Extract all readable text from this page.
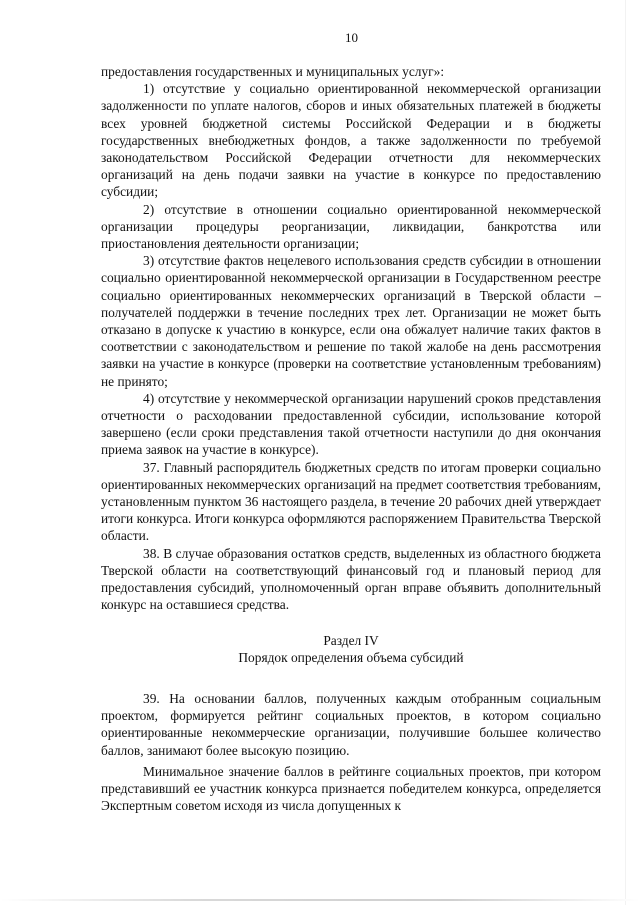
10

предоставления государственных и муниципальных услуг»:

1) отсутствие у социально ориентированной некоммерческой организации задолженности по уплате налогов, сборов и иных обязательных платежей в бюджеты всех уровней бюджетной системы Российской Федерации и в бюджеты государственных внебюджетных фондов, а также задолженности по требуемой законодательством Российской Федерации отчетности для некоммерческих организаций на день подачи заявки на участие в конкурсе по предоставлению субсидии;

2) отсутствие в отношении социально ориентированной некоммерческой организации процедуры реорганизации, ликвидации, банкротства или приостановления деятельности организации;

3) отсутствие фактов нецелевого использования средств субсидии в отношении социально ориентированной некоммерческой организации в Государственном реестре социально ориентированных некоммерческих организаций в Тверской области – получателей поддержки в течение последних трех лет. Организации не может быть отказано в допуске к участию в конкурсе, если она обжалует наличие таких фактов в соответствии с законодательством и решение по такой жалобе на день рассмотрения заявки на участие в конкурсе (проверки на соответствие установленным требованиям) не принято;

4) отсутствие у некоммерческой организации нарушений сроков представления отчетности о расходовании предоставленной субсидии, использование которой завершено (если сроки представления такой отчетности наступили до дня окончания приема заявок на участие в конкурсе).

37. Главный распорядитель бюджетных средств по итогам проверки социально ориентированных некоммерческих организаций на предмет соответствия требованиям, установленным пунктом 36 настоящего раздела, в течение 20 рабочих дней утверждает итоги конкурса. Итоги конкурса оформляются распоряжением Правительства Тверской области.

38. В случае образования остатков средств, выделенных из областного бюджета Тверской области на соответствующий финансовый год и плановый период для предоставления субсидий, уполномоченный орган вправе объявить дополнительный конкурс на оставшиеся средства.

Раздел IV

Порядок определения объема субсидий

39. На основании баллов, полученных каждым отобранным социальным проектом, формируется рейтинг социальных проектов, в котором социально ориентированные некоммерческие организации, получившие большее количество баллов, занимают более высокую позицию.

Минимальное значение баллов в рейтинге социальных проектов, при котором представивший ее участник конкурса признается победителем конкурса, определяется Экспертным советом исходя из числа допущенных к
